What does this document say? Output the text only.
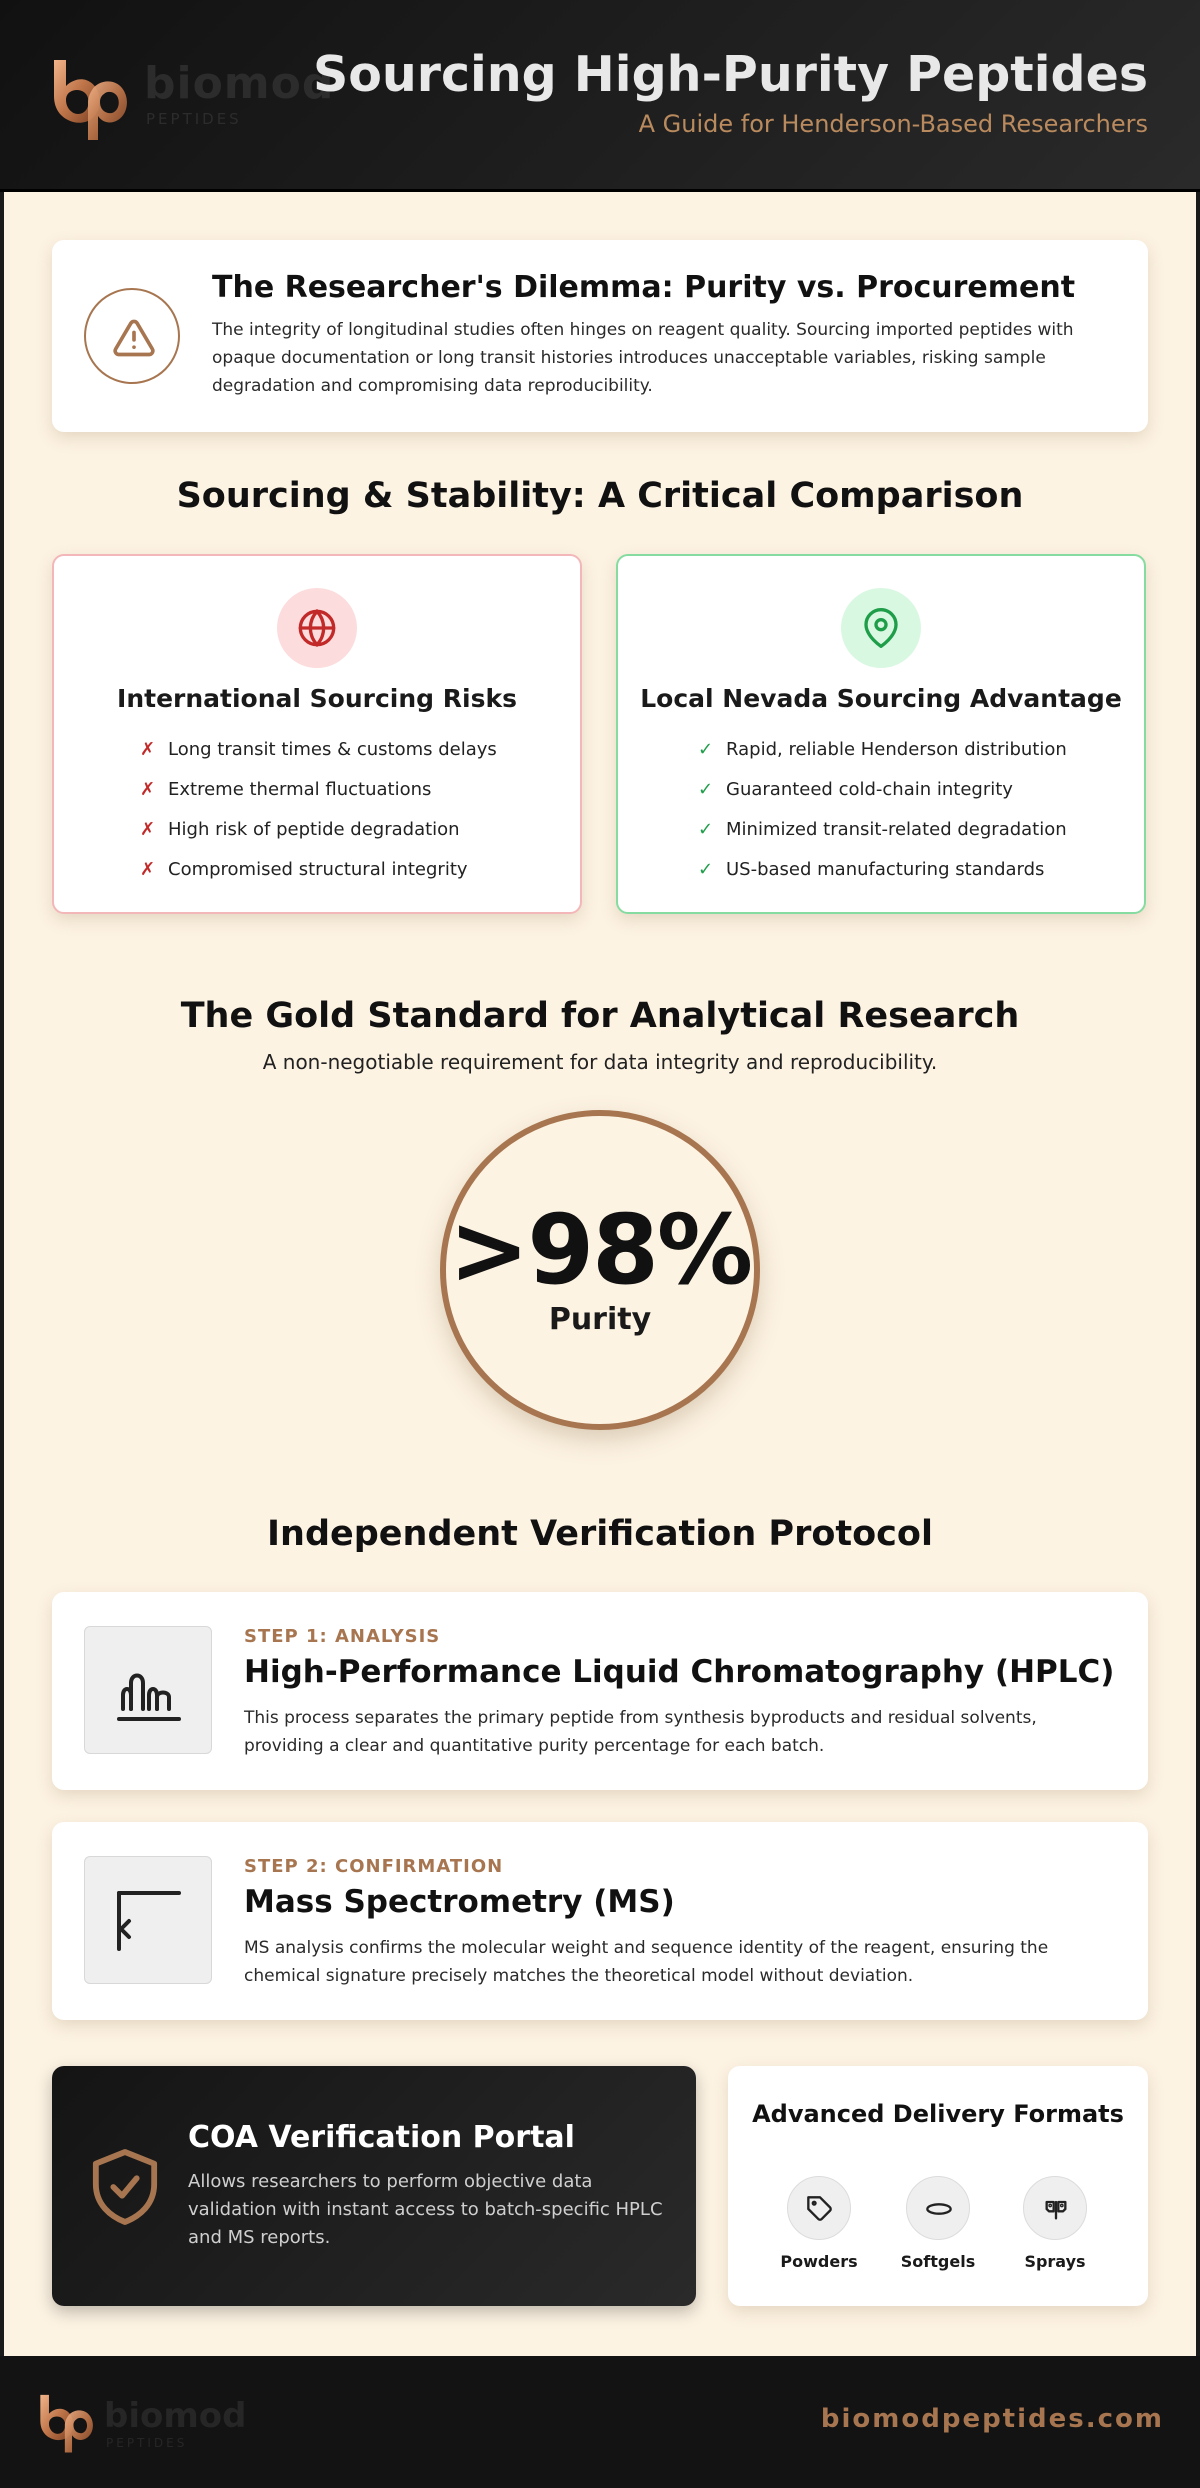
biomod
PEPTIDES
Sourcing High-Purity Peptides
A Guide for Henderson-Based Researchers
The Researcher's Dilemma: Purity vs. Procurement

The integrity of longitudinal studies often hinges on reagent quality. Sourcing imported peptides with opaque documentation or long transit histories introduces unacceptable variables, risking sample degradation and compromising data reproducibility.

Sourcing & Stability: A Critical Comparison
International Sourcing Risks
✗ Long transit times & customs delays
✗ Extreme thermal fluctuations
✗ High risk of peptide degradation
✗ Compromised structural integrity
Local Nevada Sourcing Advantage
✓ Rapid, reliable Henderson distribution
✓ Guaranteed cold-chain integrity
✓ Minimized transit-related degradation
✓ US-based manufacturing standards
The Gold Standard for Analytical Research
A non-negotiable requirement for data integrity and reproducibility.
>98%
Purity
Independent Verification Protocol
STEP 1: ANALYSIS
High-Performance Liquid Chromatography (HPLC)

This process separates the primary peptide from synthesis byproducts and residual solvents, providing a clear and quantitative purity percentage for each batch.

STEP 2: CONFIRMATION
Mass Spectrometry (MS)

MS analysis confirms the molecular weight and sequence identity of the reagent, ensuring the chemical signature precisely matches the theoretical model without deviation.

COA Verification Portal

Allows researchers to perform objective data validation with instant access to batch-specific HPLC and MS reports.

Advanced Delivery Formats
Powders	Softgels	Sprays
biomod
PEPTIDES
biomodpeptides.com
